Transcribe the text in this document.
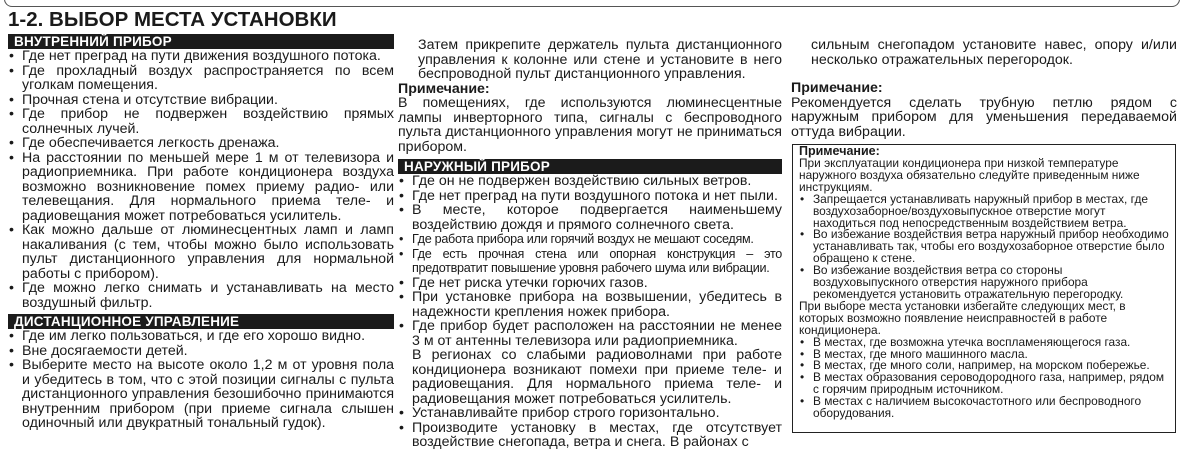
1-2. ВЫБОР МЕСТА УСТАНОВКИ
ВНУТРЕННИЙ ПРИБОР
• Где нет преград на пути движения воздушного потока.
• Где прохладный воздух распространяется по всем уголкам помещения.
• Прочная стена и отсутствие вибрации.
• Где прибор не подвержен воздействию прямых солнечных лучей.
• Где обеспечивается легкость дренажа.
• На расстоянии по меньшей мере 1 м от телевизора и радиоприемника. При работе кондиционера воздуха возможно возникновение помех приему радио- или телевещания. Для нормального приема теле- и радиовещания может потребоваться усилитель.
• Как можно дальше от люминесцентных ламп и ламп накаливания (с тем, чтобы можно было использовать пульт дистанционного управления для нормальной работы с прибором).
• Где можно легко снимать и устанавливать на место воздушный фильтр.
ДИСТАНЦИОННОЕ УПРАВЛЕНИЕ
• Где им легко пользоваться, и где его хорошо видно.
• Вне досягаемости детей.
• Выберите место на высоте около 1,2 м от уровня пола и убедитесь в том, что с этой позиции сигналы с пульта дистанционного управления безошибочно принимаются внутренним прибором (при приеме сигнала слышен одиночный или двукратный тональный гудок).

Затем прикрепите держатель пульта дистанционного управления к колонне или стене и установите в него беспроводной пульт дистанционного управления.

Примечание:

В помещениях, где используются люминесцентные лампы инверторного типа, сигналы с беспроводного пульта дистанционного управления могут не приниматься прибором.

НАРУЖНЫЙ ПРИБОР
• Где он не подвержен воздействию сильных ветров.
• Где нет преград на пути воздушного потока и нет пыли.
• В месте, которое подвергается наименьшему воздействию дождя и прямого солнечного света.
• Где работа прибора или горячий воздух не мешают соседям.
• Где есть прочная стена или опорная конструкция – это предотвратит повышение уровня рабочего шума или вибрации.
• Где нет риска утечки горючих газов.
• При установке прибора на возвышении, убедитесь в надежности крепления ножек прибора.
• Где прибор будет расположен на расстоянии не менее 3 м от антенны телевизора или радиоприемника.
В регионах со слабыми радиоволнами при работе кондиционера возникают помехи при приеме теле- и радиовещания. Для нормального приема теле- и радиовещания может потребоваться усилитель.
• Устанавливайте прибор строго горизонтально.
• Производите установку в местах, где отсутствует воздействие снегопада, ветра и снега. В районах с

сильным снегопадом установите навес, опору и/или несколько отражательных перегородок.

Примечание:

Рекомендуется сделать трубную петлю рядом с наружным прибором для уменьшения передаваемой оттуда вибрации.

Примечание:

При эксплуатации кондиционера при низкой температуре наружного воздуха обязательно следуйте приведенным ниже инструкциям.

• Запрещается устанавливать наружный прибор в местах, где воздухозаборное/воздуховыпускное отверстие могут находиться под непосредственным воздействием ветра.
• Во избежание воздействия ветра наружный прибор необходимо устанавливать так, чтобы его воздухозаборное отверстие было обращено к стене.
• Во избежание воздействия ветра со стороны воздуховыпускного отверстия наружного прибора рекомендуется установить отражательную перегородку.

При выборе места установки избегайте следующих мест, в которых возможно появление неисправностей в работе кондиционера.

• В местах, где возможна утечка воспламеняющегося газа.
• В местах, где много машинного масла.
• В местах, где много соли, например, на морском побережье.
• В местах образования сероводородного газа, например, рядом с горячим природным источником.
• В местах с наличием высокочастотного или беспроводного оборудования.
